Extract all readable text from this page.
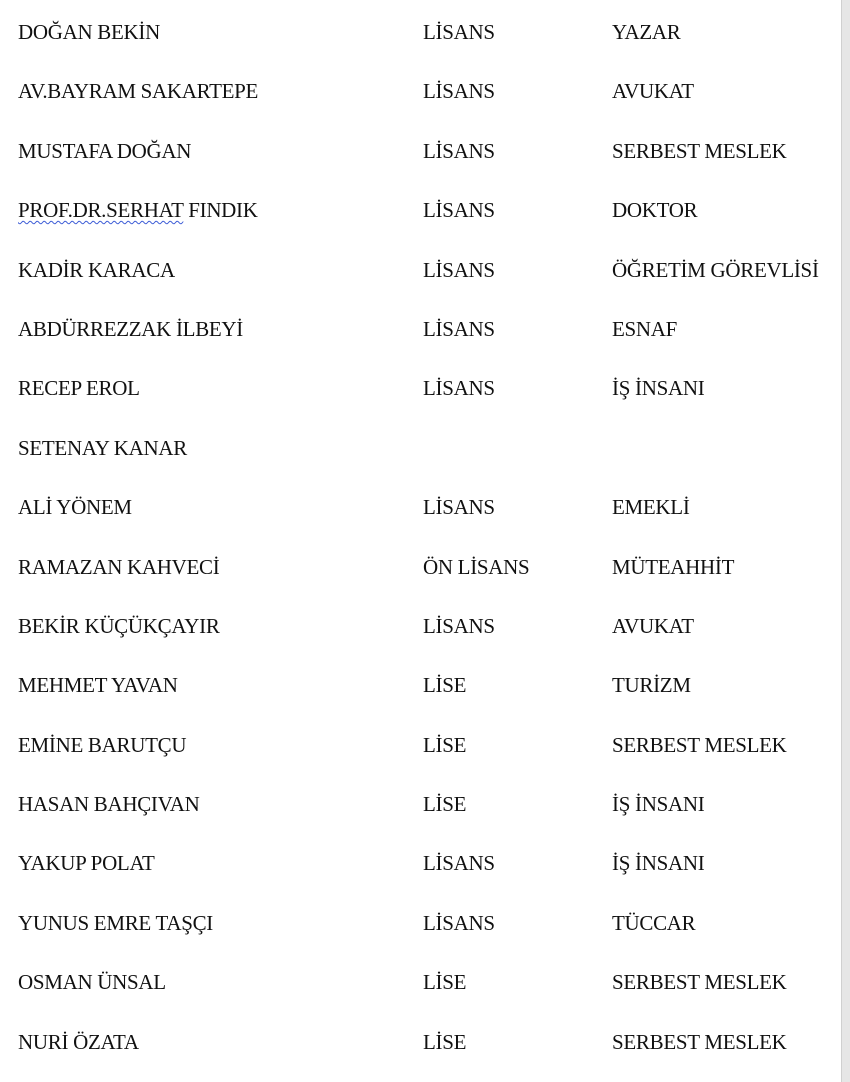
DOĞAN BEKİN	LİSANS	YAZAR
AV.BAYRAM SAKARTEPE	LİSANS	AVUKAT
MUSTAFA DOĞAN	LİSANS	SERBEST MESLEK
PROF.DR.SERHAT FINDIK	LİSANS	DOKTOR
KADİR KARACA	LİSANS	ÖĞRETİM GÖREVLİSİ
ABDÜRREZZAK İLBEYİ	LİSANS	ESNAF
RECEP EROL	LİSANS	İŞ İNSANI
SETENAY KANAR
ALİ YÖNEM	LİSANS	EMEKLİ
RAMAZAN KAHVECİ	ÖN LİSANS	MÜTEAHHİT
BEKİR KÜÇÜKÇAYIR	LİSANS	AVUKAT
MEHMET YAVAN	LİSE	TURİZM
EMİNE BARUTÇU	LİSE	SERBEST MESLEK
HASAN BAHÇIVAN	LİSE	İŞ İNSANI
YAKUP POLAT	LİSANS	İŞ İNSANI
YUNUS EMRE TAŞÇI	LİSANS	TÜCCAR
OSMAN ÜNSAL	LİSE	SERBEST MESLEK
NURİ ÖZATA	LİSE	SERBEST MESLEK
